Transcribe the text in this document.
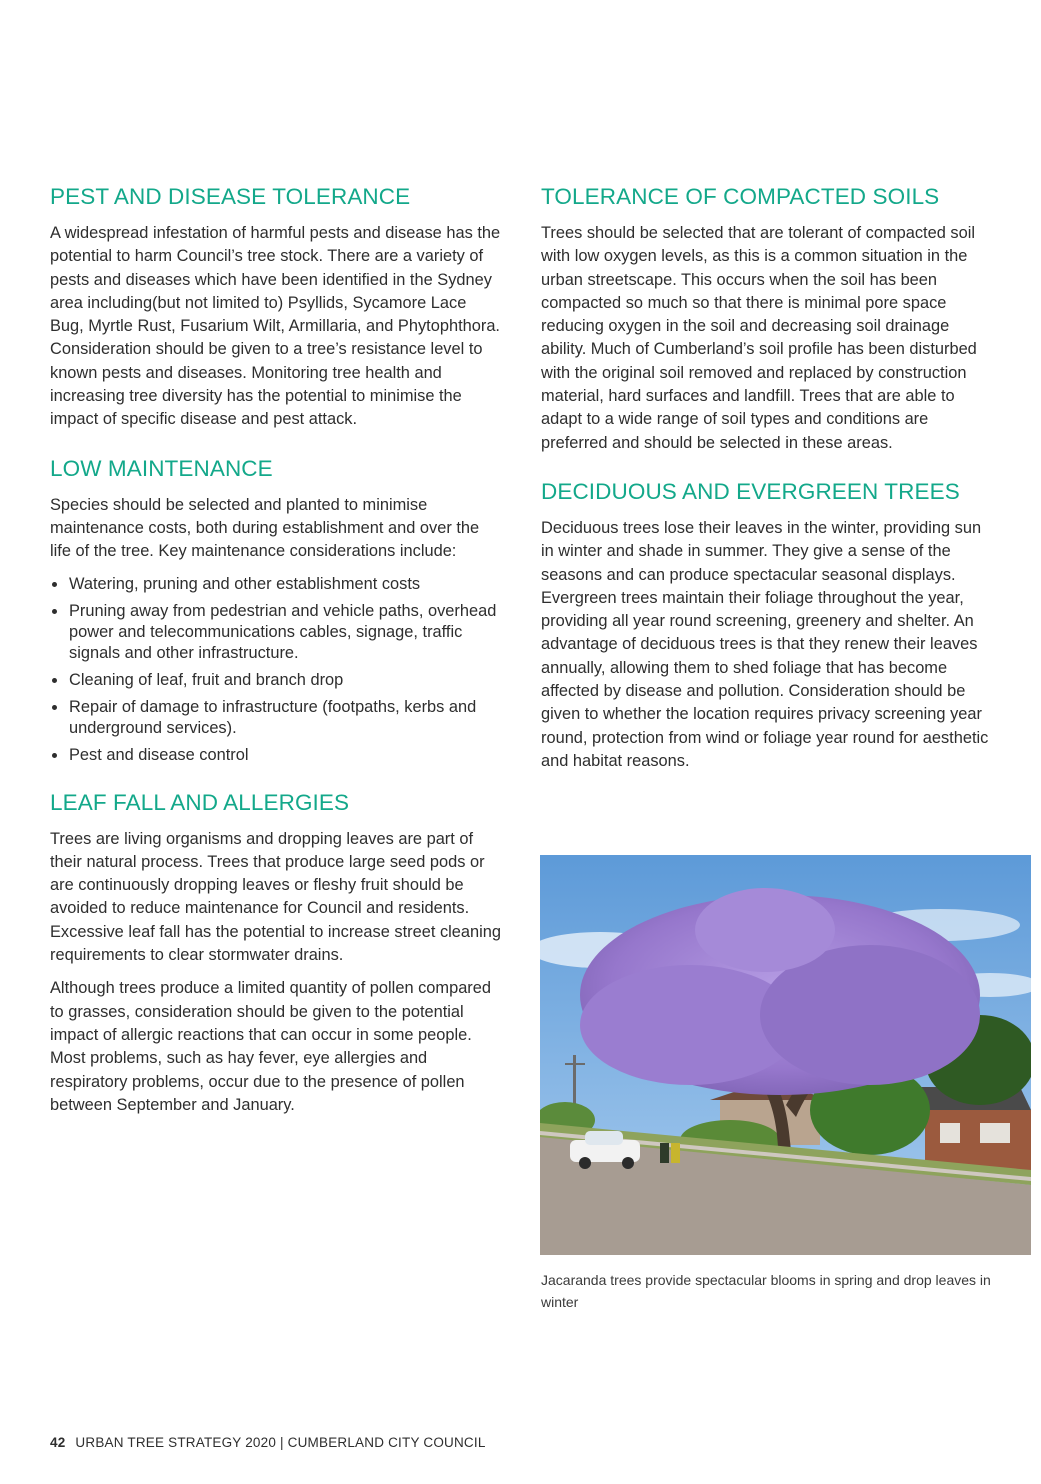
PEST AND DISEASE TOLERANCE

A widespread infestation of harmful pests and disease has the potential to harm Council’s tree stock. There are a variety of pests and diseases which have been identified in the Sydney area including(but not limited to) Psyllids, Sycamore Lace Bug, Myrtle Rust, Fusarium Wilt, Armillaria, and Phytophthora. Consideration should be given to a tree’s resistance level to known pests and diseases. Monitoring tree health and increasing tree diversity has the potential to minimise the impact of specific disease and pest attack.

LOW MAINTENANCE

Species should be selected and planted to minimise maintenance costs, both during establishment and over the life of the tree. Key maintenance considerations include:

Watering, pruning and other establishment costs
Pruning away from pedestrian and vehicle paths, overhead power and telecommunications cables, signage, traffic signals and other infrastructure.
Cleaning of leaf, fruit and branch drop
Repair of damage to infrastructure (footpaths, kerbs and underground services).
Pest and disease control
LEAF FALL AND ALLERGIES

Trees are living organisms and dropping leaves are part of their natural process. Trees that produce large seed pods or are continuously dropping leaves or fleshy fruit should be avoided to reduce maintenance for Council and residents. Excessive leaf fall has the potential to increase street cleaning requirements to clear stormwater drains.

Although trees produce a limited quantity of pollen compared to grasses, consideration should be given to the potential impact of allergic reactions that can occur in some people. Most problems, such as hay fever, eye allergies and respiratory problems, occur due to the presence of pollen between September and January.

TOLERANCE OF COMPACTED SOILS

Trees should be selected that are tolerant of compacted soil with low oxygen levels, as this is a common situation in the urban streetscape. This occurs when the soil has been compacted so much so that there is minimal pore space reducing oxygen in the soil and decreasing soil drainage ability. Much of Cumberland’s soil profile has been disturbed with the original soil removed and replaced by construction material, hard surfaces and landfill. Trees that are able to adapt to a wide range of soil types and conditions are preferred and should be selected in these areas.

DECIDUOUS AND EVERGREEN TREES

Deciduous trees lose their leaves in the winter, providing sun in winter and shade in summer. They give a sense of the seasons and can produce spectacular seasonal displays. Evergreen trees maintain their foliage throughout the year, providing all year round screening, greenery and shelter. An advantage of deciduous trees is that they renew their leaves annually, allowing them to shed foliage that has become affected by disease and pollution. Consideration should be given to whether the location requires privacy screening year round, protection from wind or foliage year round for aesthetic and habitat reasons.

Jacaranda trees provide spectacular blooms in spring and drop leaves in winter
42 URBAN TREE STRATEGY 2020 | CUMBERLAND CITY COUNCIL
